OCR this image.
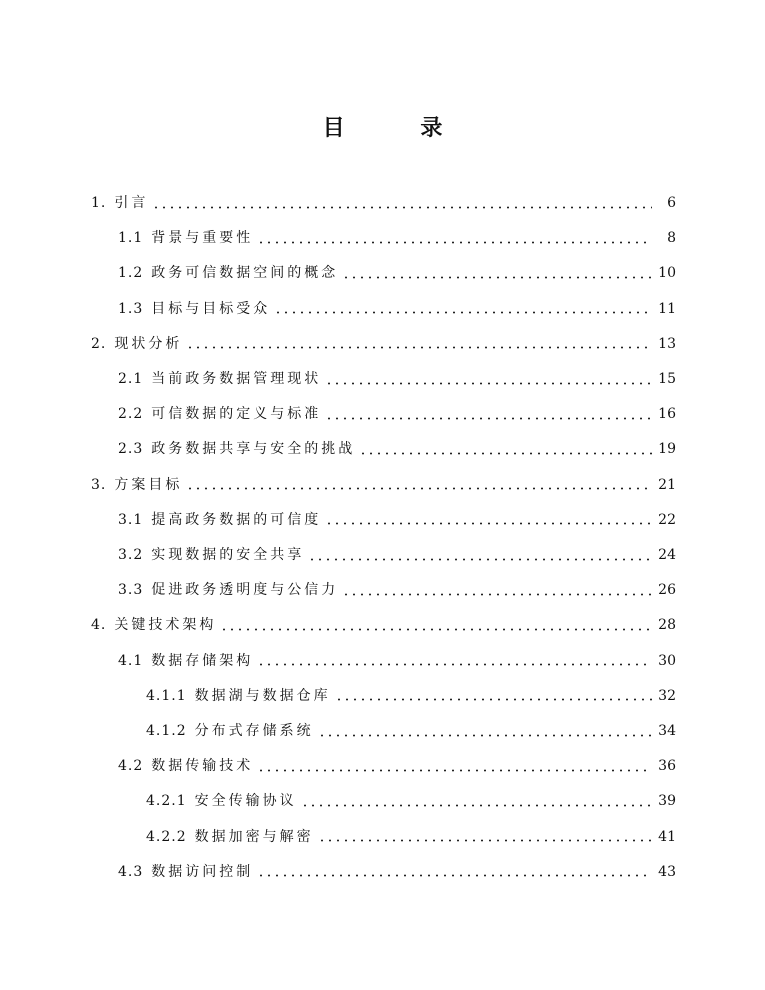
目 录
1. 引言	6
1.1 背景与重要性	8
1.2 政务可信数据空间的概念	10
1.3 目标与目标受众	11
2. 现状分析	13
2.1 当前政务数据管理现状	15
2.2 可信数据的定义与标准	16
2.3 政务数据共享与安全的挑战	19
3. 方案目标	21
3.1 提高政务数据的可信度	22
3.2 实现数据的安全共享	24
3.3 促进政务透明度与公信力	26
4. 关键技术架构	28
4.1 数据存储架构	30
4.1.1 数据湖与数据仓库	32
4.1.2 分布式存储系统	34
4.2 数据传输技术	36
4.2.1 安全传输协议	39
4.2.2 数据加密与解密	41
4.3 数据访问控制	43
